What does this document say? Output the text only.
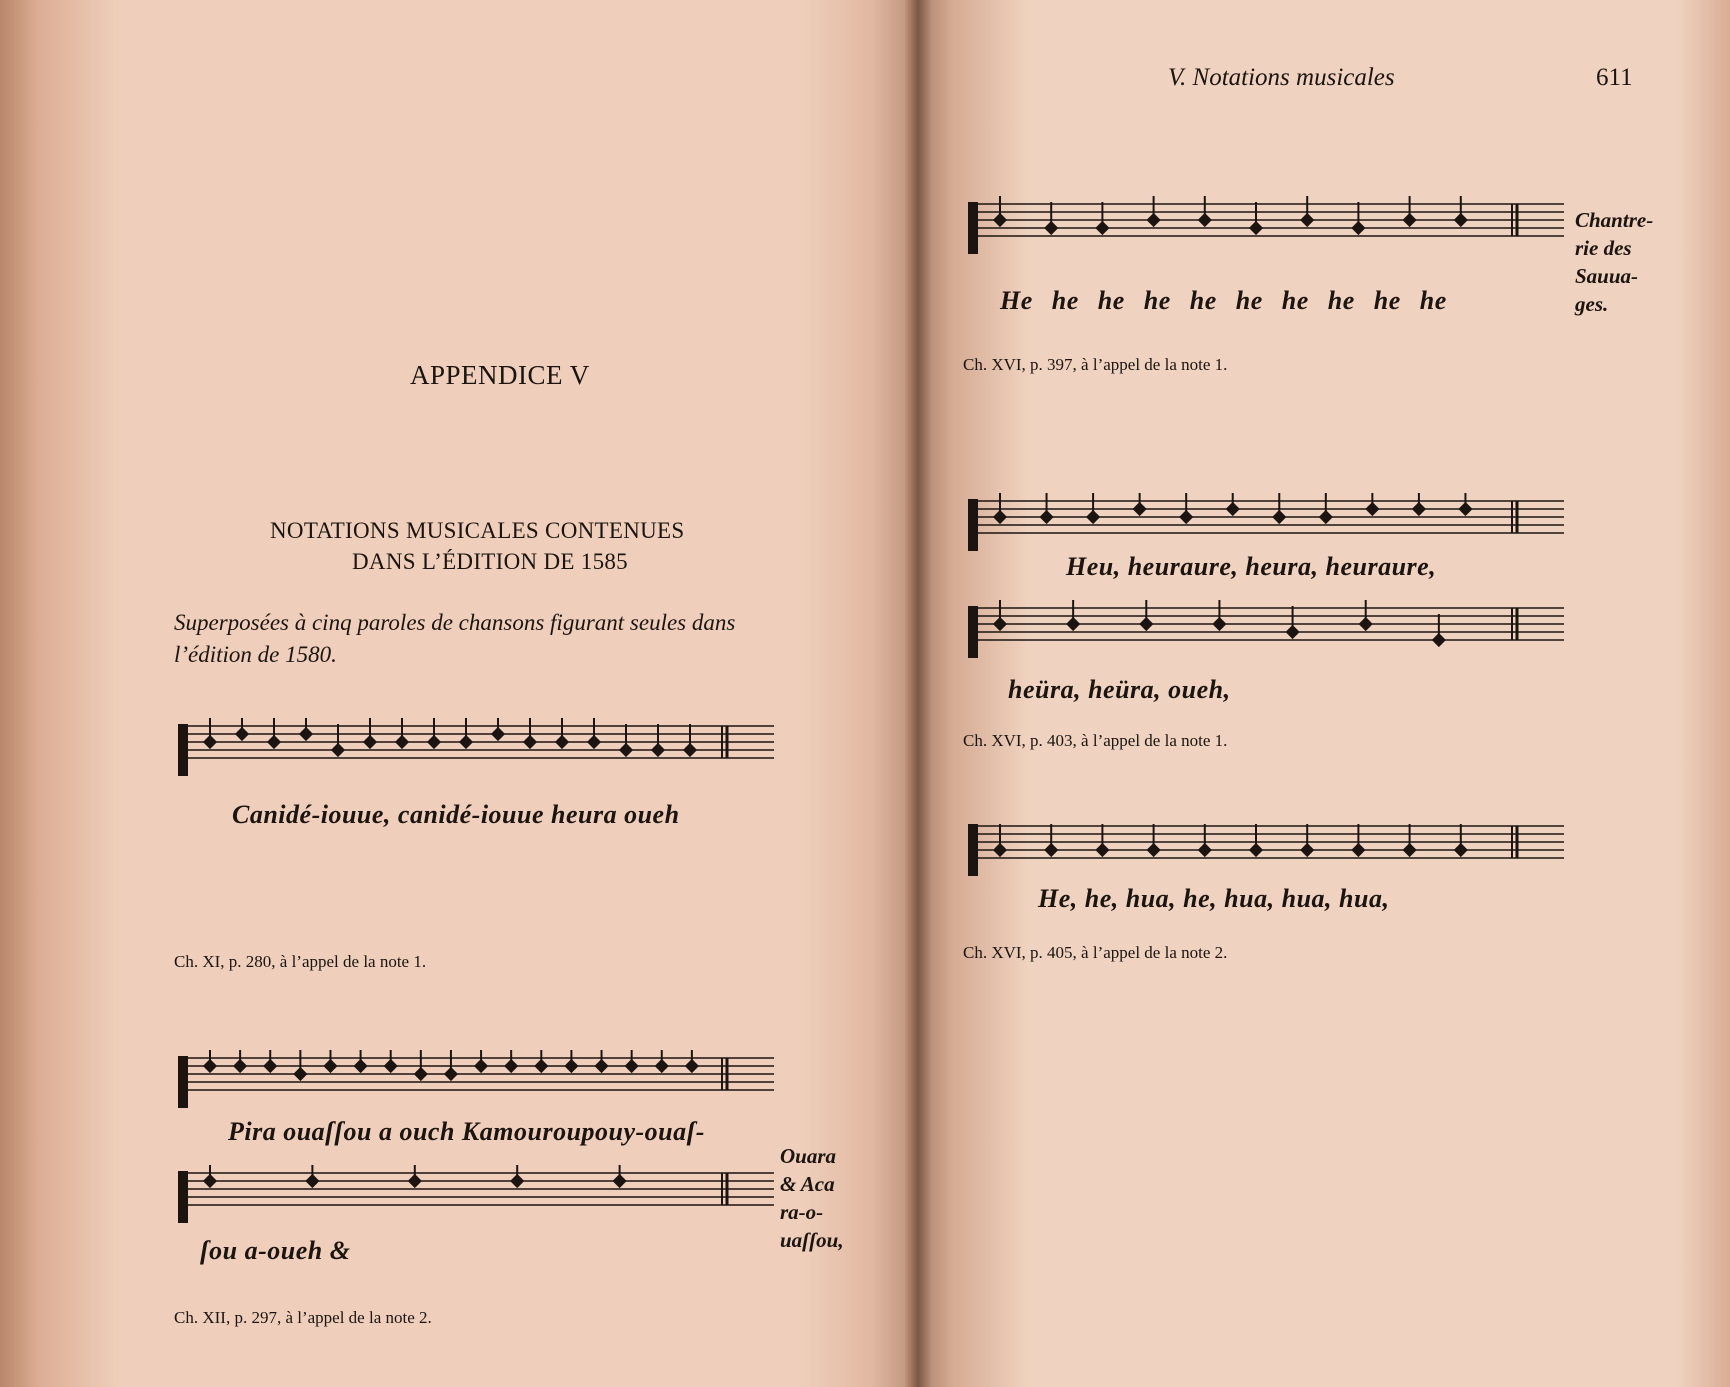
V. Notations musicales	611
APPENDICE V
NOTATIONS MUSICALES CONTENUES
DANS L’ÉDITION DE 1585
Superposées à cinq paroles de chansons figurant seules dans
l’édition de 1580.
Canidé-iouue, canidé-iouue heura oueh
Ch. XI, p. 280, à l’appel de la note 1.
Pira ouaſſou a ouch Kamouroupouy-ouaſ-
ſou a-oueh &
Ouara
& Aca
ra-o-
uaſſou,
Ch. XII, p. 297, à l’appel de la note 2.
He he he he he he he he he he
Chantre-
rie des
Sauua-
ges.
Ch. XVI, p. 397, à l’appel de la note 1.
Heu, heuraure, heura, heuraure,
heüra, heüra, oueh,
Ch. XVI, p. 403, à l’appel de la note 1.
He, he, hua, he, hua, hua, hua,
Ch. XVI, p. 405, à l’appel de la note 2.
